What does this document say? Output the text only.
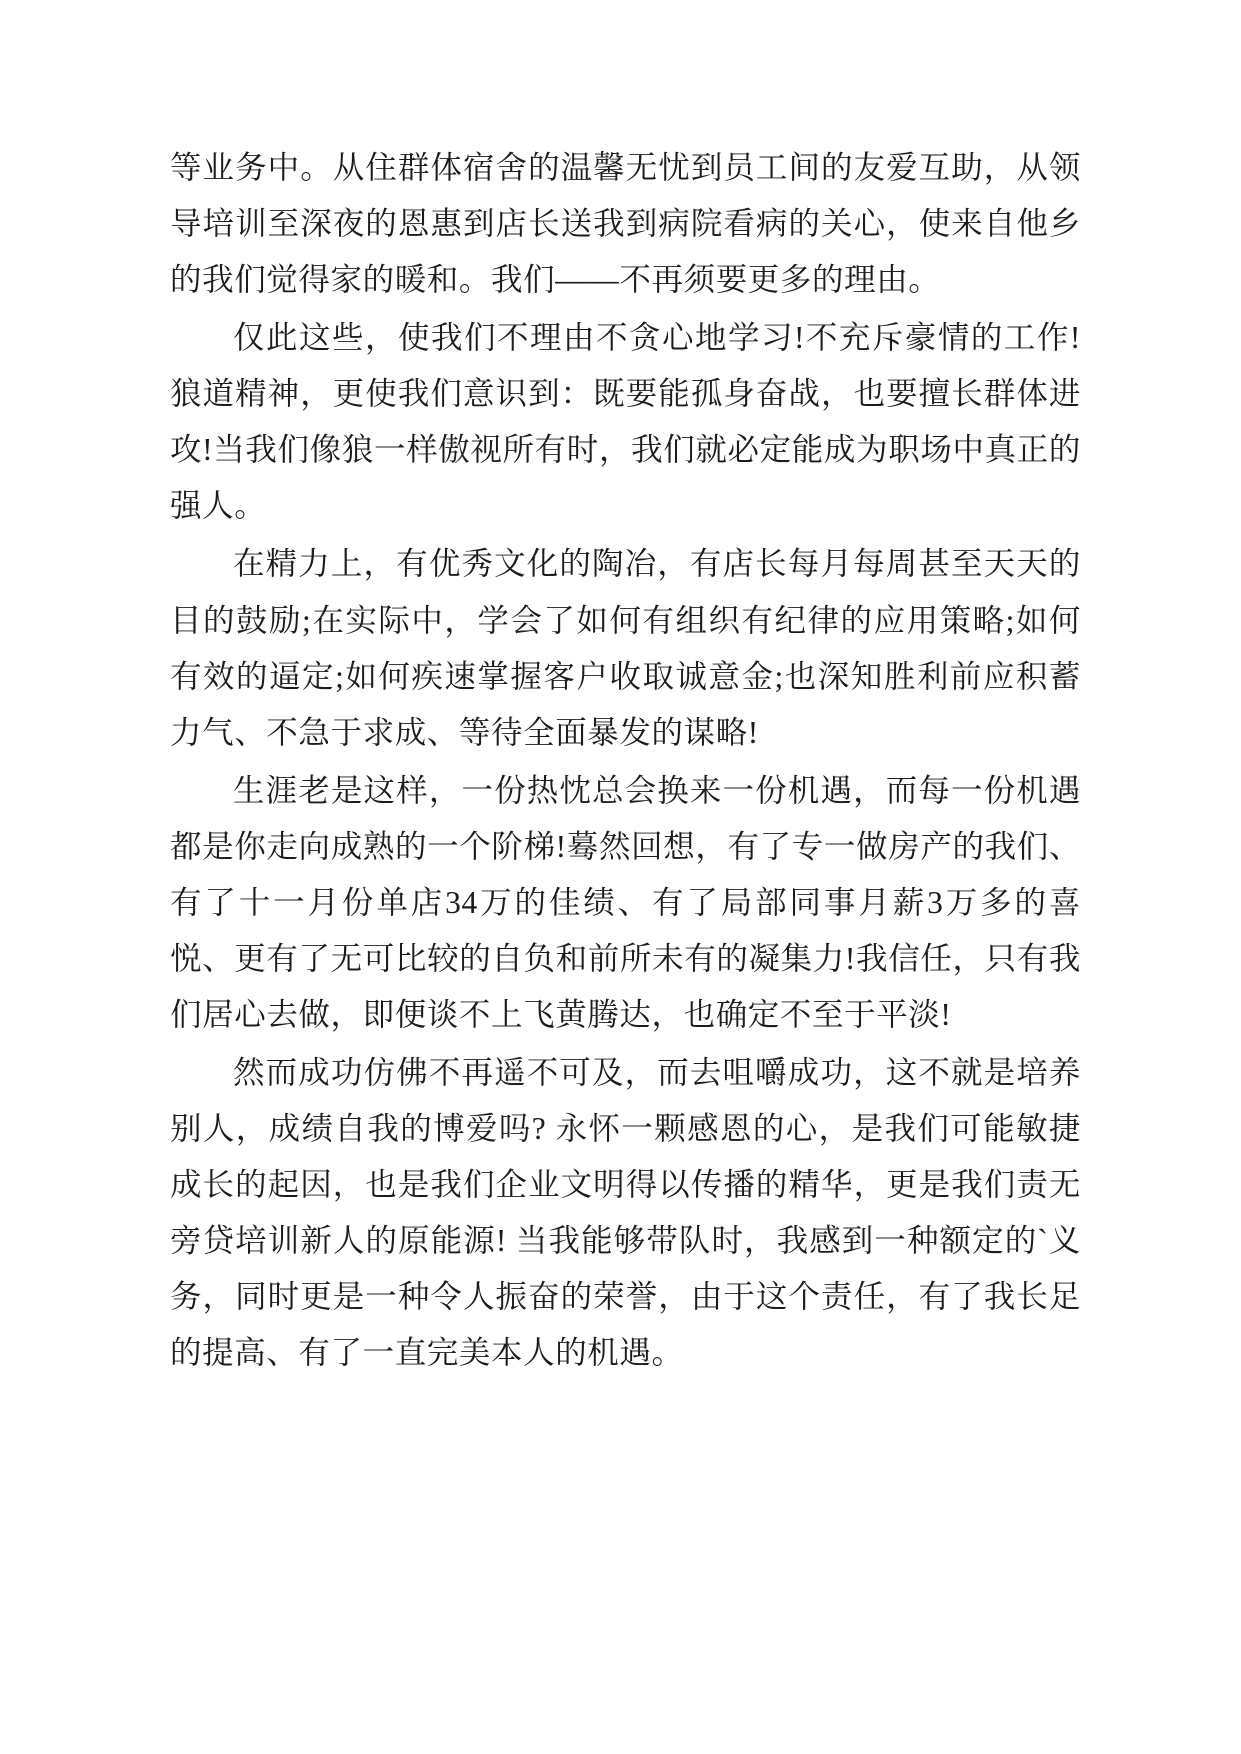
等业务中。从住群体宿舍的温馨无忧到员工间的友爱互助，从领导培训至深夜的恩惠到店长送我到病院看病的关心，使来自他乡的我们觉得家的暖和。我们——不再须要更多的理由。

仅此这些，使我们不理由不贪心地学习!不充斥豪情的工作! 狼道精神，更使我们意识到：既要能孤身奋战，也要擅长群体进攻!当我们像狼一样傲视所有时，我们就必定能成为职场中真正的强人。

在精力上，有优秀文化的陶冶，有店长每月每周甚至天天的目的鼓励;在实际中，学会了如何有组织有纪律的应用策略;如何有效的逼定;如何疾速掌握客户收取诚意金;也深知胜利前应积蓄力气、不急于求成、等待全面暴发的谋略!

生涯老是这样，一份热忱总会换来一份机遇，而每一份机遇都是你走向成熟的一个阶梯!蓦然回想，有了专一做房产的我们、有了十一月份单店34万的佳绩、有了局部同事月薪3万多的喜悦、更有了无可比较的自负和前所未有的凝集力!我信任，只有我们居心去做，即便谈不上飞黄腾达，也确定不至于平淡!

然而成功仿佛不再遥不可及，而去咀嚼成功，这不就是培养别人，成绩自我的博爱吗? 永怀一颗感恩的心，是我们可能敏捷成长的起因，也是我们企业文明得以传播的精华，更是我们责无旁贷培训新人的原能源! 当我能够带队时，我感到一种额定的`义务，同时更是一种令人振奋的荣誉，由于这个责任，有了我长足的提高、有了一直完美本人的机遇。
